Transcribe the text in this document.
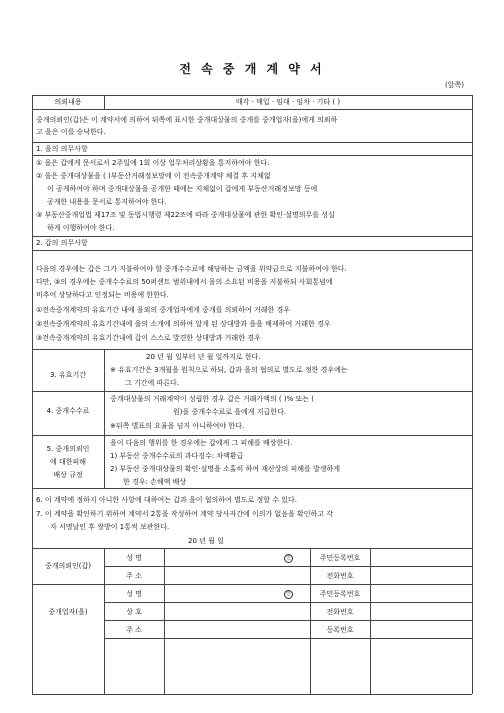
전 속 중 개 계 약 서
(앞쪽)
의뢰내용	매각 · 매입 · 임대 · 임차 · 기타 ( )
중개의뢰인(갑)은 이 계약서에 의하여 뒤쪽에 표시한 중개대상물의 중개를 중개업자(을)에게 의뢰하
고 을은 이를 승낙한다.
1. 을의 의무사항
① 을은 갑에게 문서로서 2주일에 1회 이상 업무처리상황을 통지하여야 한다.
② 을은 중개대상물을 ( )부동산거래정보망에 이 전속중개계약 체결 후 지체없
이 공개하여야 하며 중개대상물을 공개한 때에는 지체없이 갑에게 부동산거래정보망 등에
공개한 내용을 문서로 통지하여야 한다.
③ 부동산중개업법 제17조 및 동법시행령 제22조에 따라 중개대상물에 관한 확인·설명의무를 성실
하게 이행하여야 한다.
2. 갑의 의무사항
다음의 경우에는 갑은 그가 지불하여야 할 중개수수료에 해당하는 금액을 위약금으로 지불하여야 한다.
다만, ③의 경우에는 중개수수료의 50퍼센트 범위내에서 을의 소요된 비용을 지불하되 사회통념에
비추어 상당하다고 인정되는 비용에 한한다.
①전속중개계약의 유효기간 내에 을외의 중개업자에게 중개를 의뢰하여 거래한 경우
②전속중개계약의 유효기간내에 을의 소개에 의하여 알게 된 상대방과 을을 배제하여 거래한 경우
③전속중개계약의 유효기간내에 갑이 스스로 발견한 상대방과 거래한 경우
3. 유효기간
20 년 월 일부터 년 월 일까지로 한다.
※ 유효기간은 3개월을 원칙으로 하되, 갑과 을의 협의로 별도로 정한 경우에는
그 기간에 따른다.
4. 중개수수료
중개대상물의 거래계약이 성립한 경우 갑은 거래가액의 ( )% 또는 (
원)을 중개수수료로 을에게 지급한다.
※뒤쪽 별표의 요율을 넘지 아니하여야 한다.
5. 중개의뢰인
에 대한피해
배상 규정
을이 다음의 행위를 한 경우에는 갑에게 그 피해를 배상한다.
1) 부동산 중개수수료의 과다징수: 차액환급
2) 부동산 중개대상물의 확인·설명을 소홀히 하여 재산상의 피해를 발생하게
한 경우: 손해액 배상
6. 이 계약에 정하지 아니한 사항에 대하여는 갑과 을이 협의하여 별도로 정할 수 있다.
7. 이 계약을 확인하기 위하여 계약서 2통을 작성하여 계약 당사자간에 이의가 없음을 확인하고 각
자 서명날인 후 쌍방이 1통씩 보관한다.
20 년 월 일
중개의뢰인(갑)
성 명	인	주민등록번호
주 소	전화번호
중개업자(을)
성 명	인	주민등록번호
상 호	전화번호
주 소	등록번호
